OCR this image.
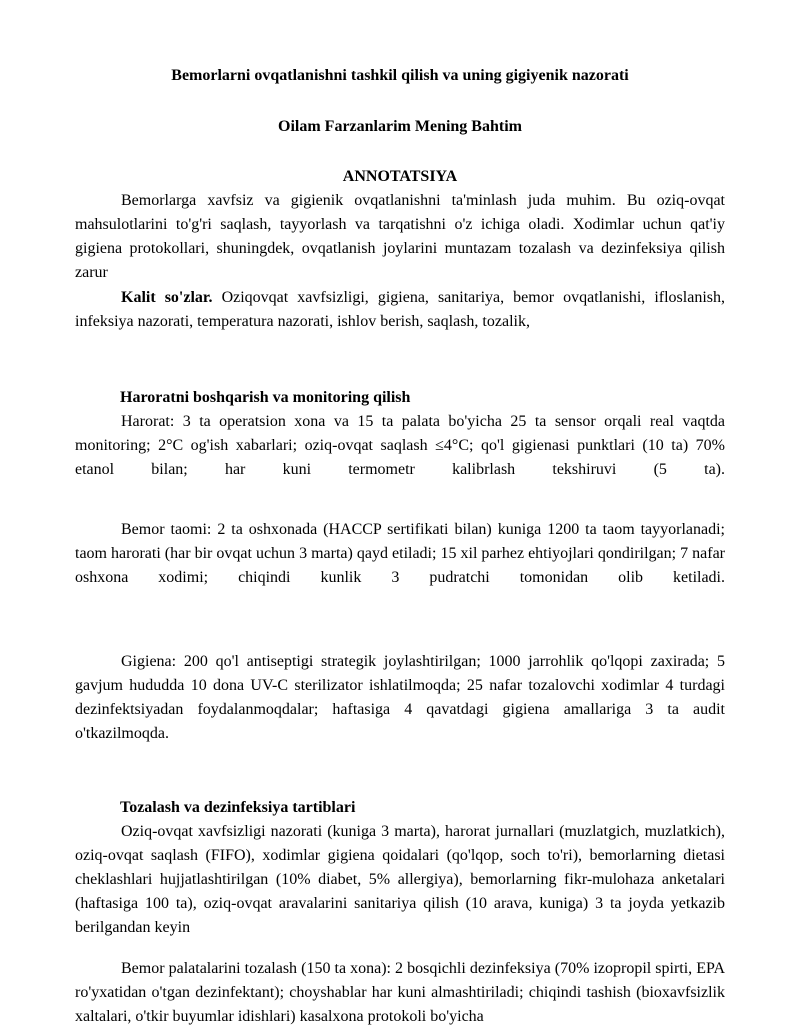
Bemorlarni ovqatlanishni tashkil qilish va uning gigiyenik nazorati
Oilam Farzanlarim Mening Bahtim
ANNOTATSIYA

Bemorlarga xavfsiz va gigienik ovqatlanishni ta'minlash juda muhim. Bu oziq-ovqat mahsulotlarini to'g'ri saqlash, tayyorlash va tarqatishni o'z ichiga oladi. Xodimlar uchun qat'iy gigiena protokollari, shuningdek, ovqatlanish joylarini muntazam tozalash va dezinfeksiya qilish zarur

Kalit so'zlar. Oziqovqat xavfsizligi, gigiena, sanitariya, bemor ovqatlanishi, ifloslanish, infeksiya nazorati, temperatura nazorati, ishlov berish, saqlash, tozalik,

Haroratni boshqarish va monitoring qilish

Harorat: 3 ta operatsion xona va 15 ta palata bo'yicha 25 ta sensor orqali real vaqtda monitoring; 2°C og'ish xabarlari; oziq-ovqat saqlash ≤4°C; qo'l gigienasi punktlari (10 ta) 70% etanol bilan; har kuni termometr kalibrlash tekshiruvi (5 ta).

Bemor taomi: 2 ta oshxonada (HACCP sertifikati bilan) kuniga 1200 ta taom tayyorlanadi; taom harorati (har bir ovqat uchun 3 marta) qayd etiladi; 15 xil parhez ehtiyojlari qondirilgan; 7 nafar oshxona xodimi; chiqindi kunlik 3 pudratchi tomonidan olib ketiladi.

Gigiena: 200 qo'l antiseptigi strategik joylashtirilgan; 1000 jarrohlik qo'lqopi zaxirada; 5 gavjum hududda 10 dona UV-C sterilizator ishlatilmoqda; 25 nafar tozalovchi xodimlar 4 turdagi dezinfektsiyadan foydalanmoqdalar; haftasiga 4 qavatdagi gigiena amallariga 3 ta audit o'tkazilmoqda.

Tozalash va dezinfeksiya tartiblari

Oziq-ovqat xavfsizligi nazorati (kuniga 3 marta), harorat jurnallari (muzlatgich, muzlatkich), oziq-ovqat saqlash (FIFO), xodimlar gigiena qoidalari (qo'lqop, soch to'ri), bemorlarning dietasi cheklashlari hujjatlashtirilgan (10% diabet, 5% allergiya), bemorlarning fikr-mulohaza anketalari (haftasiga 100 ta), oziq-ovqat aravalarini sanitariya qilish (10 arava, kuniga) 3 ta joyda yetkazib berilgandan keyin

Bemor palatalarini tozalash (150 ta xona): 2 bosqichli dezinfeksiya (70% izopropil spirti, EPA ro'yxatidan o'tgan dezinfektant); choyshablar har kuni almashtiriladi; chiqindi tashish (bioxavfsizlik xaltalari, o'tkir buyumlar idishlari) kasalxona protokoli bo'yicha
